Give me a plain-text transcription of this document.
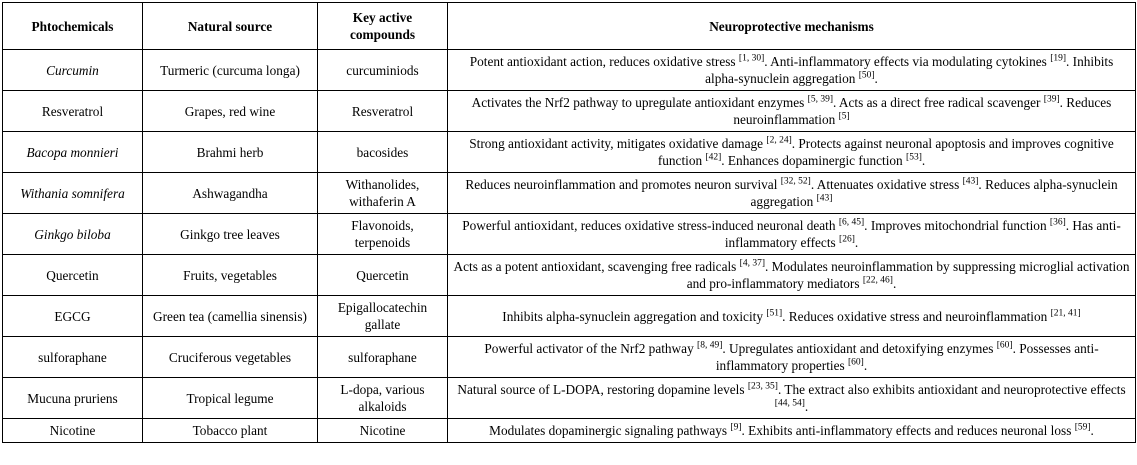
Phtochemicals	Natural source	Key active compounds	Neuroprotective mechanisms
Curcumin	Turmeric (curcuma longa)	curcuminiods	Potent antioxidant action, reduces oxidative stress [1, 30]. Anti-inflammatory effects via modulating cytokines [19]. Inhibits alpha-synuclein aggregation [50].
Resveratrol	Grapes, red wine	Resveratrol	Activates the Nrf2 pathway to upregulate antioxidant enzymes [5, 39]. Acts as a direct free radical scavenger [39]. Reduces neuroinflammation [5]
Bacopa monnieri	Brahmi herb	bacosides	Strong antioxidant activity, mitigates oxidative damage [2, 24]. Protects against neuronal apoptosis and improves cognitive function [42]. Enhances dopaminergic function [53].
Withania somnifera	Ashwagandha	Withanolides, withaferin A	Reduces neuroinflammation and promotes neuron survival [32, 52]. Attenuates oxidative stress [43]. Reduces alpha-synuclein aggregation [43]
Ginkgo biloba	Ginkgo tree leaves	Flavonoids, terpenoids	Powerful antioxidant, reduces oxidative stress-induced neuronal death [6, 45]. Improves mitochondrial function [36]. Has anti-inflammatory effects [26].
Quercetin	Fruits, vegetables	Quercetin	Acts as a potent antioxidant, scavenging free radicals [4, 37]. Modulates neuroinflammation by suppressing microglial activation and pro-inflammatory mediators [22, 46].
EGCG	Green tea (camellia sinensis)	Epigallocatechin gallate	Inhibits alpha-synuclein aggregation and toxicity [51]. Reduces oxidative stress and neuroinflammation [21, 41]
sulforaphane	Cruciferous vegetables	sulforaphane	Powerful activator of the Nrf2 pathway [8, 49]. Upregulates antioxidant and detoxifying enzymes [60]. Possesses anti-inflammatory properties [60].
Mucuna pruriens	Tropical legume	L-dopa, various alkaloids	Natural source of L-DOPA, restoring dopamine levels [23, 35]. The extract also exhibits antioxidant and neuroprotective effects [44, 54].
Nicotine	Tobacco plant	Nicotine	Modulates dopaminergic signaling pathways [9]. Exhibits anti-inflammatory effects and reduces neuronal loss [59].
